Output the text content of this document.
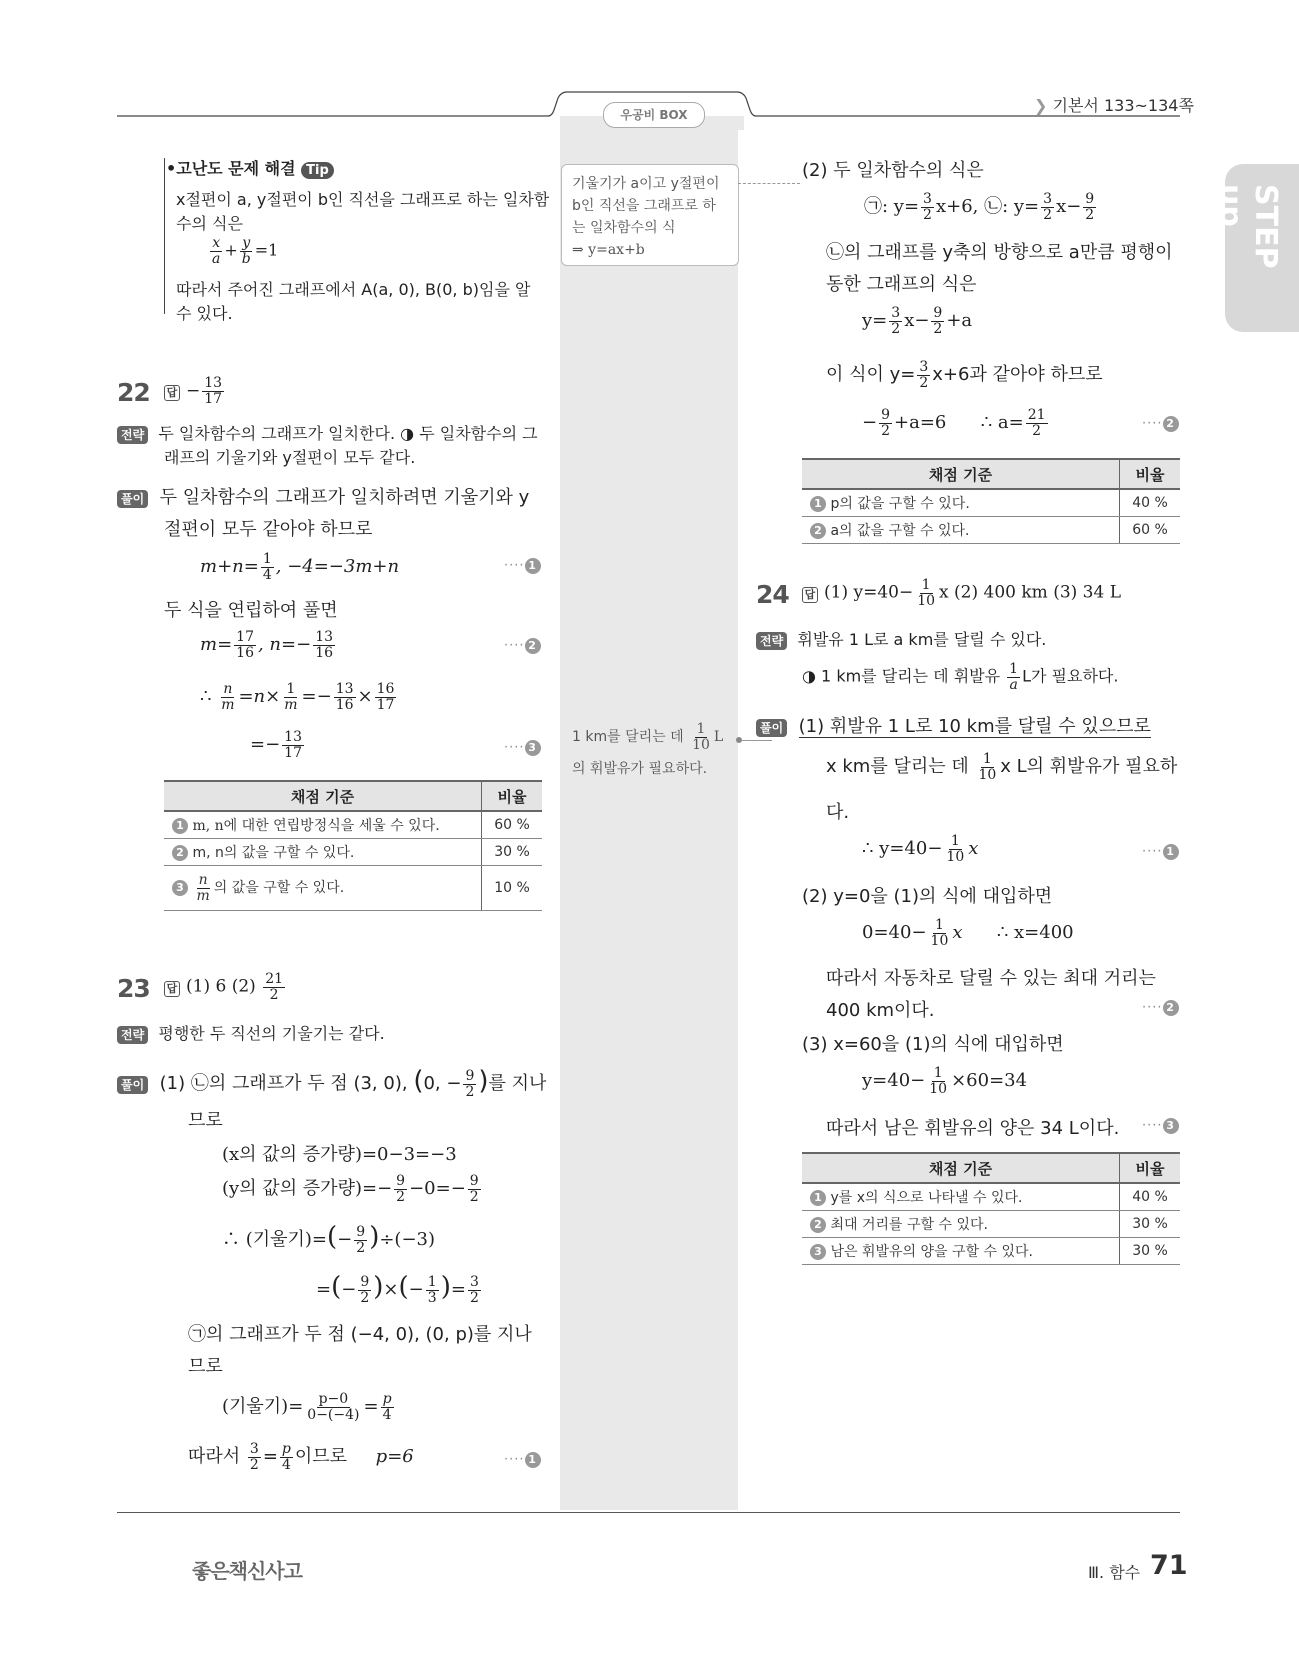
우공비 BOX	❯ 기본서 133~134쪽
STEP up
•고난도 문제 해결 Tip
x절편이 a, y절편이 b인 직선을 그래프로 하는 일차함
수의 식은
$\frac{x}{a} + \frac{y}{b} =1$
따라서 주어진 그래프에서 A(a, 0), B(0, b)임을 알
수 있다.
기울기가 a이고 y절편이
b인 직선을 그래프로 하
는 일차함수의 식
⇒ y=ax+b
22 답 − $\frac{13}{17}$
전략 두 일차함수의 그래프가 일치한다. ◑ 두 일차함수의 그
래프의 기울기와 y절편이 모두 같다.
풀이 두 일차함수의 그래프가 일치하려면 기울기와 y
절편이 모두 같아야 하므로
$m+n= \frac{1}{4}$ , −4=−3m+n	···· 1
두 식을 연립하여 풀면
$m= \frac{17}{16}$ , $n=- \frac{13}{16}$	···· 2
∴ $\frac{n}{m} =n\times \frac{1}{m} =- \frac{13}{16} \times \frac{16}{17}$
=− $\frac{13}{17}$	···· 3
채점 기준	비율
1 m, n에 대한 연립방정식을 세울 수 있다.	60 %
2 m, n의 값을 구할 수 있다.	30 %
$3 \frac{n}{m}$ 의 값을 구할 수 있다.	10 %
23 답 (1) 6 $(2) \frac{21}{2}$
전략 평행한 두 직선의 기울기는 같다.
풀이 (1) ㉡의 그래프가 두 점 (3, 0), (0, − $\frac{9}{2}$ )를 지나
므로
(x의 값의 증가량)=0−3=−3
(y의 값의 증가량)=− $\frac{9}{2} -0=- \frac{9}{2}$
∴ (기울기)=(− $\frac{9}{2} )\div(-3)$
=(− $\frac{9}{2}$ )×(− $\frac{1}{3}$ )= $\frac{3}{2}$
㉠의 그래프가 두 점 (−4, 0), (0, p)를 지나
므로
(기울기)= $\frac{p-0}{0-(-4)} = \frac{p}{4}$
따라서 $\frac{3}{2} = \frac{p}{4}$ 이므로 p=6	···· 1
(2) 두 일차함수의 식은
㉠: $y= \frac{3}{2} x+6$, ㉡: $y= \frac{3}{2} x- \frac{9}{2}$
㉡의 그래프를 y축의 방향으로 a만큼 평행이
동한 그래프의 식은
$y= \frac{3}{2} x- \frac{9}{2} +a$
이 식이 $y= \frac{3}{2} x+6$과 같아야 하므로
− $\frac{9}{2} +a=6$ ∴ $a= \frac{21}{2}$	···· 2
채점 기준	비율
1 p의 값을 구할 수 있다.	40 %
2 a의 값을 구할 수 있다.	60 %
24 답 (1) $y=40- \frac{1}{10}$ x (2) 400 km (3) 34 L
전략 휘발유 1 L로 a km를 달릴 수 있다.
◑ 1 km를 달리는 데 휘발유 $\frac{1}{a}$ L가 필요하다.
풀이 (1) 휘발유 1 L로 10 km를 달릴 수 있으므로
1 km를 달리는 데 $\frac{1}{10}$ L
의 휘발유가 필요하다.	x km를 달리는 데 $\frac{1}{10}$ x L의 휘발유가 필요하
다.
∴ $y=40- \frac{1}{10}$ x	···· 1
(2) y=0을 (1)의 식에 대입하면
$0=40- \frac{1}{10}$ x ∴ x=400
따라서 자동차로 달릴 수 있는 최대 거리는
400 km이다.	···· 2
(3) x=60을 (1)의 식에 대입하면
$y=40- \frac{1}{10} \times 60=34$
따라서 남은 휘발유의 양은 34 L이다. ···· 3
채점 기준	비율
1 y를 x의 식으로 나타낼 수 있다.	40 %
2 최대 거리를 구할 수 있다.	30 %
3 남은 휘발유의 양을 구할 수 있다.	30 %
좋은책신사고	Ⅲ. 함수 71
